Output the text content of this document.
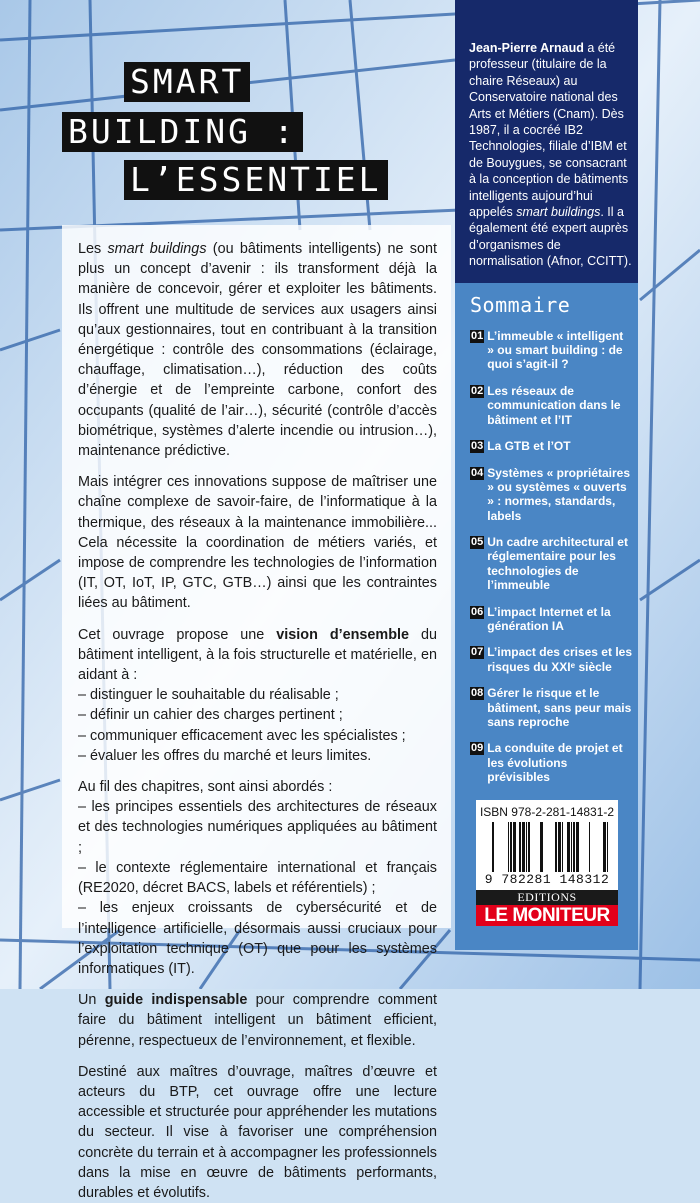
SMART
BUILDING :
L’ESSENTIEL

Les smart buildings (ou bâtiments intelligents) ne sont plus un concept d’avenir : ils transforment déjà la manière de concevoir, gérer et exploiter les bâtiments. Ils offrent une multitude de services aux usagers ainsi qu’aux gestionnaires, tout en contribuant à la transition énergétique : contrôle des consommations (éclairage, chauffage, climatisation…), réduction des coûts d’énergie et de l’empreinte carbone, confort des occupants (qualité de l’air…), sécurité (contrôle d’accès biométrique, systèmes d’alerte incendie ou intrusion…), maintenance prédictive.

Mais intégrer ces innovations suppose de maîtriser une chaîne complexe de savoir-faire, de l’informatique à la thermique, des réseaux à la maintenance immobilière... Cela nécessite la coordination de métiers variés, et impose de comprendre les technologies de l’information (IT, OT, IoT, IP, GTC, GTB…) ainsi que les contraintes liées au bâtiment.

Cet ouvrage propose une vision d’ensemble du bâtiment intelligent, à la fois structurelle et matérielle, en aidant à :
– distinguer le souhaitable du réalisable ;
– définir un cahier des charges pertinent ;
– communiquer efficacement avec les spécialistes ;
– évaluer les offres du marché et leurs limites.

Au fil des chapitres, sont ainsi abordés :
– les principes essentiels des architectures de réseaux et des technologies numériques appliquées au bâtiment ;
– le contexte réglementaire international et français (RE2020, décret BACS, labels et référentiels) ;
– les enjeux croissants de cybersécurité et de l’intelligence artificielle, désormais aussi cruciaux pour l’exploitation technique (OT) que pour les systèmes informatiques (IT).

Un guide indispensable pour comprendre comment faire du bâtiment intelligent un bâtiment efficient, pérenne, respectueux de l’environnement, et flexible.

Destiné aux maîtres d’ouvrage, maîtres d’œuvre et acteurs du BTP, cet ouvrage offre une lecture accessible et structurée pour appréhender les mutations du secteur. Il vise à favoriser une compréhension concrète du terrain et à accompagner les professionnels dans la mise en œuvre de bâtiments performants, durables et évolutifs.

Jean-Pierre Arnaud a été professeur (titulaire de la chaire Réseaux) au Conservatoire national des Arts et Métiers (Cnam). Dès 1987, il a cocréé IB2 Technologies, filiale d’IBM et de Bouygues, se consacrant à la conception de bâtiments intelligents aujourd’hui appelés smart buildings. Il a également été expert auprès d’organismes de normalisation (Afnor, CCITT).
Sommaire
01 L’immeuble « intelligent » ou smart building : de quoi s’agit-il ?
02 Les réseaux de communication dans le bâtiment et l’IT
03 La GTB et l’OT
04 Systèmes « propriétaires » ou systèmes « ouverts » : normes, standards, labels
05 Un cadre architectural et réglementaire pour les technologies de l’immeuble
06 L’impact Internet et la génération IA
07 L’impact des crises et les risques du XXIᵉ siècle
08 Gérer le risque et le bâtiment, sans peur mais sans reproche
09 La conduite de projet et les évolutions prévisibles
ISBN 978-2-281-14831-2
9 782281 148312
EDITIONS
LE MONITEUR
